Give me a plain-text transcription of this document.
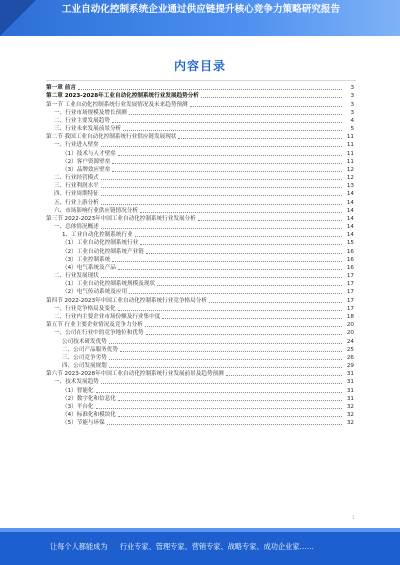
工业自动化控制系统企业通过供应链提升核心竞争力策略研究报告
内容目录
第一章 前言	3
第二章 2023-2028年工业自动化控制系统行业发展趋势分析	3
第一节 工业自动化控制系统行业发展情况及未来趋势预测	3
一、行业市场规模及增长预测	3
二、行业主要发展趋势	4
三、行业未来发展前景分析	5
第二节 我国工业自动化控制系统行业供应链发展现状	11
一、行业进入壁垒	11
（1）技术与人才壁垒	11
（2）客户资源壁垒	11
（3）品牌效应壁垒	12
二、行业经营模式	12
三、行业利润水平	13
四、行业周期特征	14
五、行业上游分析	14
六、市场影响行业供应链情况分析	14
第三节 2022-2023年中国工业自动化控制系统行业发展分析	14
一、总体情况概述	14
1、工业自动化控制系统行业	14
（1）工业自动化控制系统行业	15
（2）工业自动化控制系统产业链	16
（3）工业控制系统	16
（4）电气系统及产品	16
二、行业发展现状	17
（1）工业自动化控制系统规模及现状	17
（2）电气传动系统及应用	17
第四节 2022-2023年中国工业自动化控制系统行业竞争格局分析	17
一、行业竞争格局及变化	17
二、行业内主要企业市场份额及行业集中度	18
第五节 行业主要企业情况及竞争力分析	20
一、公司在行业中的竞争地位和优势	20
公司技术研发优势	24
二、公司产品服务优势	25
三、公司竞争劣势	26
四、公司发展规划	29
第六节 2023-2028年中国工业自动化控制系统行业发展前景及趋势预测	31
一、技术发展趋势	31
（1）智能化	31
（2）数字化和信息化	31
（3）平台化	32
（4）标准化和模块化	32
（5）节能与环保	32
1
让每个人都能成为 行业专家、管理专家、营销专家、战略专家、成功企业家……
